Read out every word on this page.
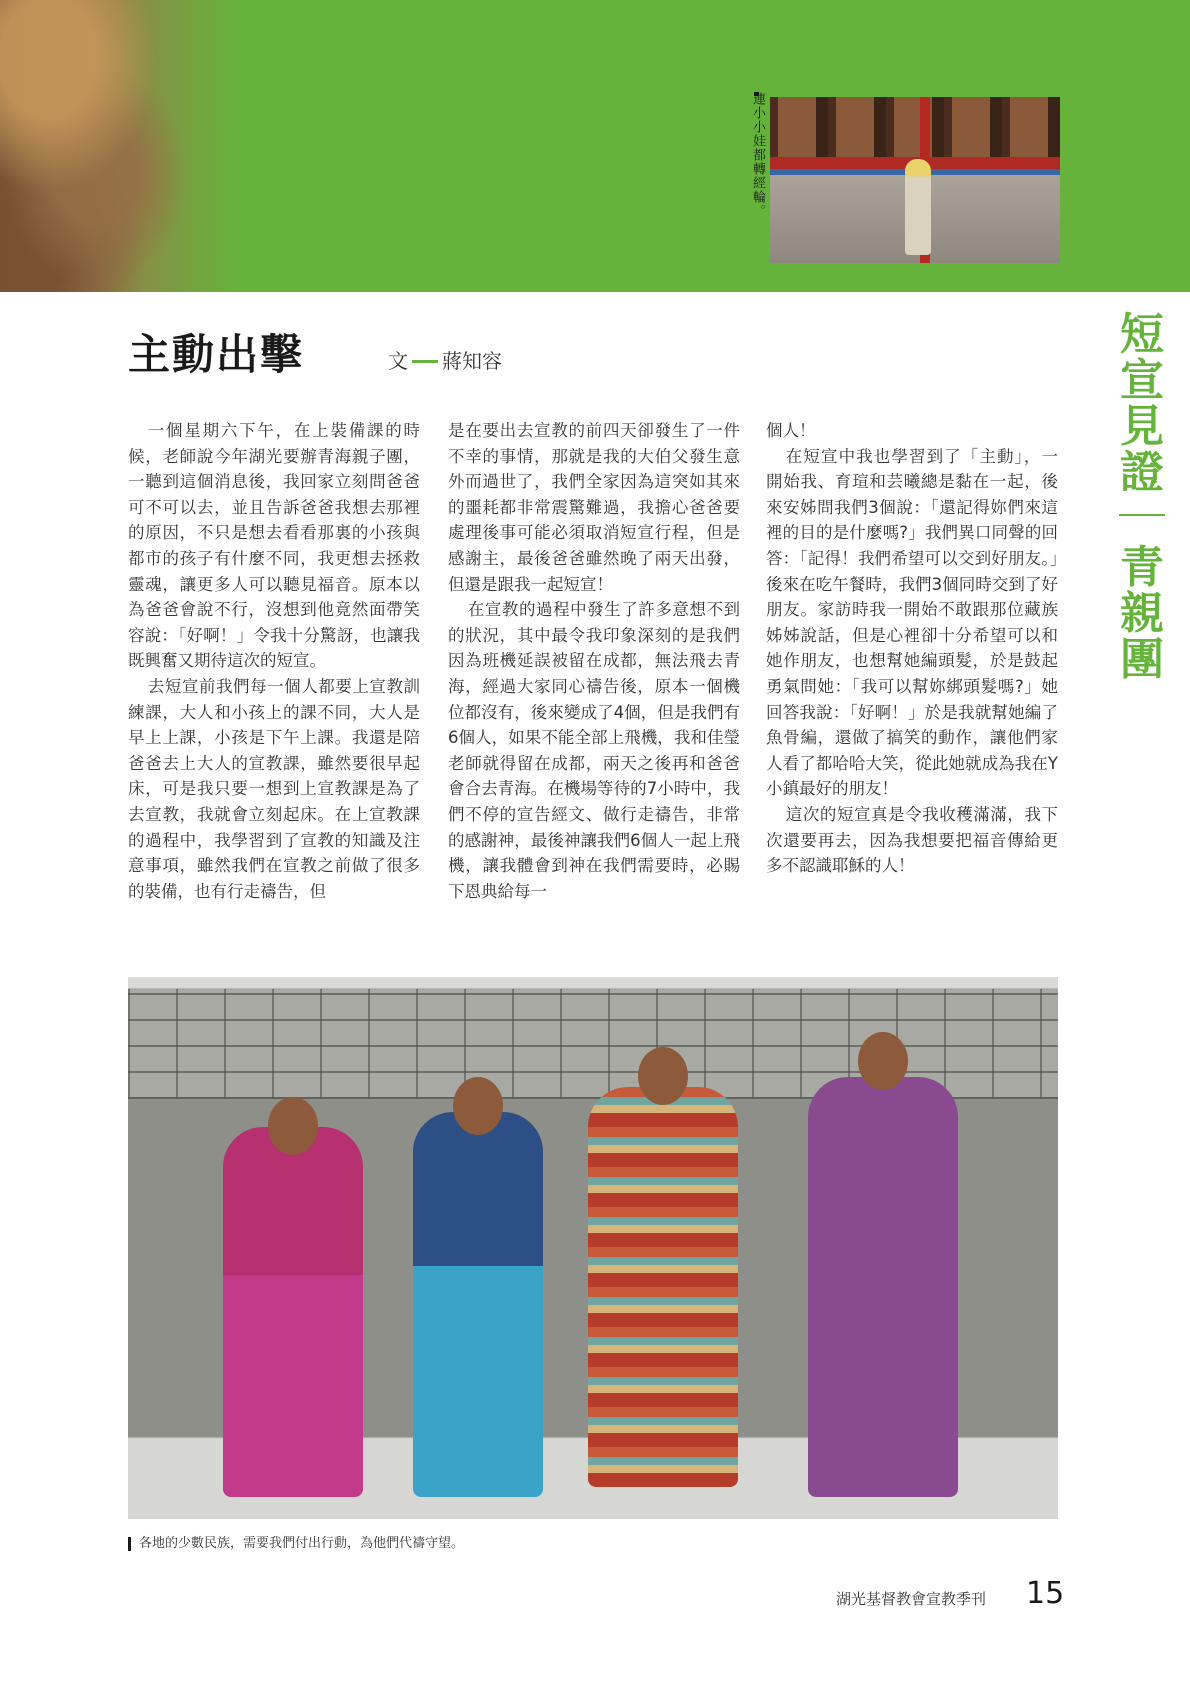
連小小娃都轉經輪。
主動出擊	文 蔣知容
短宣見證
青親團

一個星期六下午，在上裝備課的時候，老師說今年湖光要辦青海親子團，一聽到這個消息後，我回家立刻問爸爸可不可以去，並且告訴爸爸我想去那裡的原因，不只是想去看看那裏的小孩與都市的孩子有什麼不同，我更想去拯救靈魂，讓更多人可以聽見福音。原本以為爸爸會說不行，沒想到他竟然面帶笑容說：「好啊！」令我十分驚訝，也讓我既興奮又期待這次的短宣。

去短宣前我們每一個人都要上宣教訓練課，大人和小孩上的課不同，大人是早上上課，小孩是下午上課。我還是陪爸爸去上大人的宣教課，雖然要很早起床，可是我只要一想到上宣教課是為了去宣教，我就會立刻起床。在上宣教課的過程中，我學習到了宣教的知識及注意事項，雖然我們在宣教之前做了很多的裝備，也有行走禱告，但

是在要出去宣教的前四天卻發生了一件不幸的事情，那就是我的大伯父發生意外而過世了，我們全家因為這突如其來的噩耗都非常震驚難過，我擔心爸爸要處理後事可能必須取消短宣行程，但是感謝主，最後爸爸雖然晚了兩天出發，但還是跟我一起短宣！

在宣教的過程中發生了許多意想不到的狀況，其中最令我印象深刻的是我們因為班機延誤被留在成都，無法飛去青海，經過大家同心禱告後，原本一個機位都沒有，後來變成了4個，但是我們有6個人，如果不能全部上飛機，我和佳瑩老師就得留在成都，兩天之後再和爸爸會合去青海。在機場等待的7小時中，我們不停的宣告經文、做行走禱告，非常的感謝神，最後神讓我們6個人一起上飛機，讓我體會到神在我們需要時，必賜下恩典給每一

個人！

在短宣中我也學習到了「主動」，一開始我、育瑄和芸曦總是黏在一起，後來安姊問我們3個說：「還記得妳們來這裡的目的是什麼嗎?」我們異口同聲的回答：「記得！我們希望可以交到好朋友。」後來在吃午餐時，我們3個同時交到了好朋友。家訪時我一開始不敢跟那位藏族姊姊說話，但是心裡卻十分希望可以和她作朋友，也想幫她編頭髮，於是鼓起勇氣問她：「我可以幫妳綁頭髮嗎?」她回答我說：「好啊！」於是我就幫她編了魚骨編，還做了搞笑的動作，讓他們家人看了都哈哈大笑，從此她就成為我在Y小鎮最好的朋友！

這次的短宣真是令我收穫滿滿，我下次還要再去，因為我想要把福音傳給更多不認識耶穌的人！

各地的少數民族，需要我們付出行動，為他們代禱守望。
湖光基督教會宣教季刊 15
